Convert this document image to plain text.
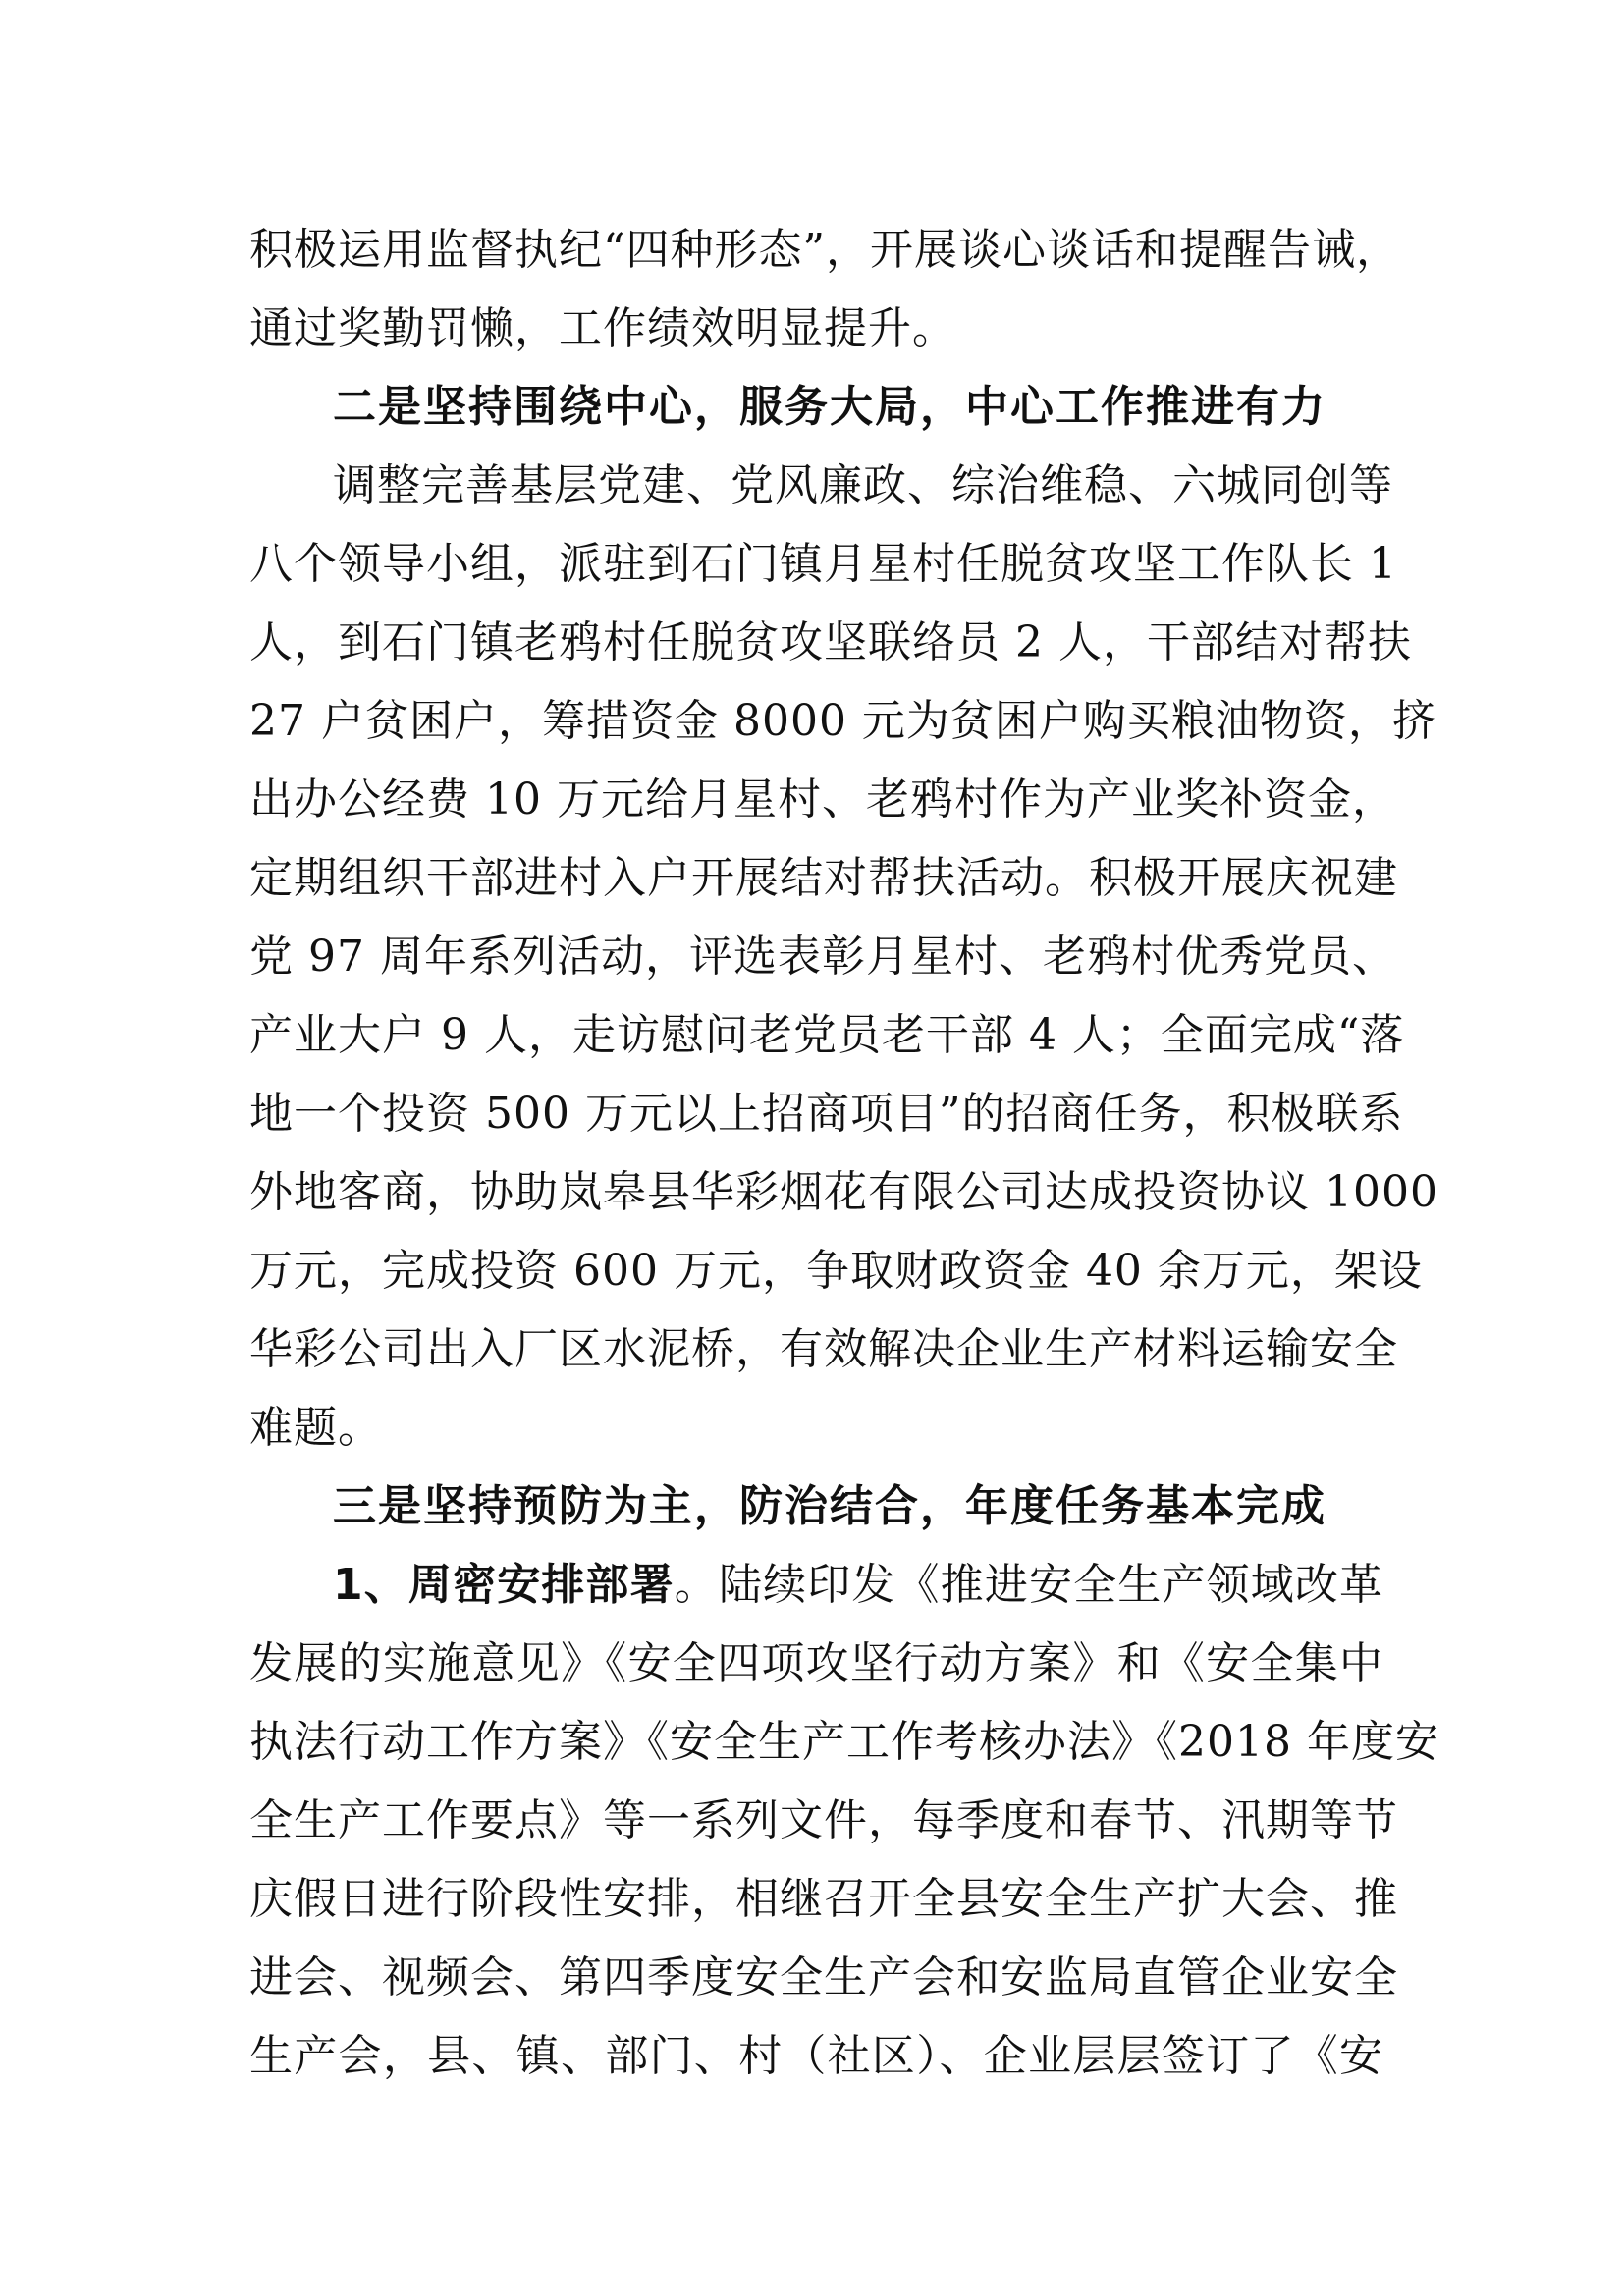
积极运用监督执纪“四种形态”，开展谈心谈话和提醒告诫，
通过奖勤罚懒，工作绩效明显提升。
二是坚持围绕中心，服务大局，中心工作推进有力
调整完善基层党建、党风廉政、综治维稳、六城同创等
八个领导小组，派驻到石门镇月星村任脱贫攻坚工作队长 1
人，到石门镇老鸦村任脱贫攻坚联络员 2 人，干部结对帮扶
27 户贫困户，筹措资金 8000 元为贫困户购买粮油物资，挤
出办公经费 10 万元给月星村、老鸦村作为产业奖补资金，
定期组织干部进村入户开展结对帮扶活动。积极开展庆祝建
党 97 周年系列活动，评选表彰月星村、老鸦村优秀党员、
产业大户 9 人，走访慰问老党员老干部 4 人；全面完成“落
地一个投资 500 万元以上招商项目”的招商任务，积极联系
外地客商，协助岚皋县华彩烟花有限公司达成投资协议 1000
万元，完成投资 600 万元，争取财政资金 40 余万元，架设
华彩公司出入厂区水泥桥，有效解决企业生产材料运输安全
难题。
三是坚持预防为主，防治结合，年度任务基本完成
1、周密安排部署。陆续印发《推进安全生产领域改革
发展的实施意见》《安全四项攻坚行动方案》和《安全集中
执法行动工作方案》《安全生产工作考核办法》《2018 年度安
全生产工作要点》等一系列文件，每季度和春节、汛期等节
庆假日进行阶段性安排，相继召开全县安全生产扩大会、推
进会、视频会、第四季度安全生产会和安监局直管企业安全
生产会，县、镇、部门、村（社区）、企业层层签订了《安
